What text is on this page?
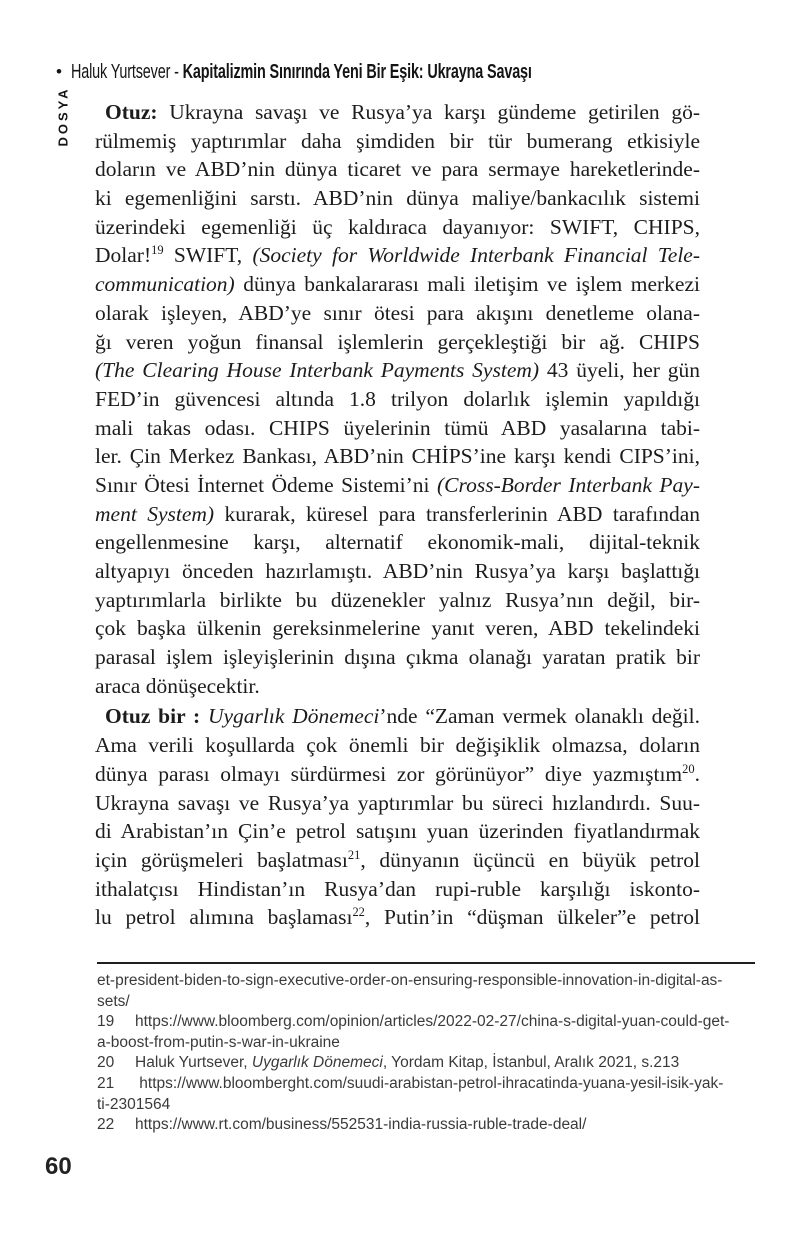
• Haluk Yurtsever - Kapitalizmin Sınırında Yeni Bir Eşik: Ukrayna Savaşı
DOSYA	Otuz: Ukrayna savaşı ve Rusya’ya karşı gündeme getirilen gö-
rülmemiş yaptırımlar daha şimdiden bir tür bumerang etkisiyle
doların ve ABD’nin dünya ticaret ve para sermaye hareketlerinde-
ki egemenliğini sarstı. ABD’nin dünya maliye/bankacılık sistemi
üzerindeki egemenliği üç kaldıraca dayanıyor: SWIFT, CHIPS,
Dolar!$^{19}$ SWIFT, (Society for Worldwide Interbank Financial Tele-
communication) dünya bankalararası mali iletişim ve işlem merkezi
olarak işleyen, ABD’ye sınır ötesi para akışını denetleme olana-
ğı veren yoğun finansal işlemlerin gerçekleştiği bir ağ. CHIPS
(The Clearing House Interbank Payments System) 43 üyeli, her gün
FED’in güvencesi altında 1.8 trilyon dolarlık işlemin yapıldığı
mali takas odası. CHIPS üyelerinin tümü ABD yasalarına tabi-
ler. Çin Merkez Bankası, ABD’nin CHİPS’ine karşı kendi CIPS’ini,
Sınır Ötesi İnternet Ödeme Sistemi’ni (Cross-Border Interbank Pay-
ment System) kurarak, küresel para transferlerinin ABD tarafından
engellenmesine karşı, alternatif ekonomik-mali, dijital-teknik
altyapıyı önceden hazırlamıştı. ABD’nin Rusya’ya karşı başlattığı
yaptırımlarla birlikte bu düzenekler yalnız Rusya’nın değil, bir-
çok başka ülkenin gereksinmelerine yanıt veren, ABD tekelindeki
parasal işlem işleyişlerinin dışına çıkma olanağı yaratan pratik bir
araca dönüşecektir.
Otuz bir : Uygarlık Dönemeci’nde “Zaman vermek olanaklı değil.
Ama verili koşullarda çok önemli bir değişiklik olmazsa, doların
dünya parası olmayı sürdürmesi zor görünüyor” diye yazmıştım$^{20}$.
Ukrayna savaşı ve Rusya’ya yaptırımlar bu süreci hızlandırdı. Suu-
di Arabistan’ın Çin’e petrol satışını yuan üzerinden fiyatlandırmak
için görüşmeleri başlatması$^{21}$, dünyanın üçüncü en büyük petrol
ithalatçısı Hindistan’ın Rusya’dan rupi-ruble karşılığı iskonto-
lu petrol alımına başlaması$^{22}$, Putin’in “düşman ülkeler”e petrol
et-president-biden-to-sign-executive-order-on-ensuring-responsible-innovation-in-digital-as-
sets/
19 https://www.bloomberg.com/opinion/articles/2022-02-27/china-s-digital-yuan-could-get-
a-boost-from-putin-s-war-in-ukraine
20 Haluk Yurtsever, Uygarlık Dönemeci, Yordam Kitap, İstanbul, Aralık 2021, s.213
21 https://www.bloomberght.com/suudi-arabistan-petrol-ihracatinda-yuana-yesil-isik-yak-
ti-2301564
22 https://www.rt.com/business/552531-india-russia-ruble-trade-deal/
60
